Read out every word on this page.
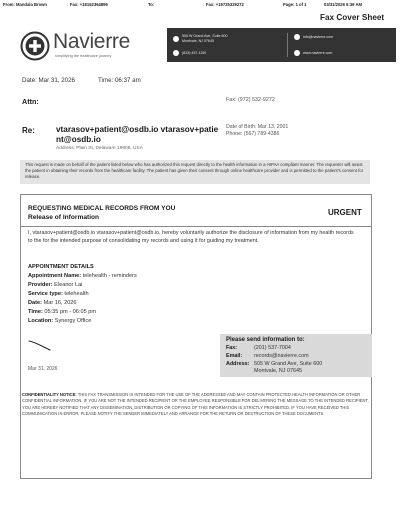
From: Mandala Brown	Fax: +18152364896	To:	Fax: +19725329272	Page: 1 of 1	03/31/2026 6:39 AM
Fax Cover Sheet
Navierre
simplifying the healthcare journey
505 W Grand Ave, Suite 600
Montvale, NJ 07645
(833) 437-1150
info@navierre.com
www.navierre.com
Date: Mar 31, 2026	Time: 06:37 am
Attn:	Fax: (972) 532-9272
Re:	vtarasov+patient@osdb.io vtarasov+patient@osdb.io
Address: Plain St, Delaware 19808, USA
Date of Birth: Mar 13, 2001
Phone: (567) 789-4386
This request is made on behalf of the patient listed below who has authorized this request directly to the health information in a HIPAA compliant manner. The requester will assist the patient in obtaining their records from the healthcare facility. The patient has given their consent through online healthcare provider and is permitted to the patient's consent for release.
REQUESTING MEDICAL RECORDS FROM YOU
Release of Information
URGENT
I, vtarasov+patient@osdb.io vtarasov+patient@osdb.io, hereby voluntarily authorize the disclosure of information from my health records to the for the intended purpose of consolidating my records and using it for guiding my treatment.
APPOINTMENT DETAILS
Appointment Name: telehealth - reminders
Provider: Eleanor Lai
Service type: telehealth
Date: Mar 16, 2026
Time: 05:35 pm - 06:05 pm
Location: Synergy Office
Mar 31, 2026
Please send information to:
Fax:	(201) 537-7004
Email: records@navierre.com
Address: 505 W Grand Ave, Suite 600
Montvale, NJ 07645
CONFIDENTIALITY NOTICE: THIS FAX TRANSMISSION IS INTENDED FOR THE USE OF THE ADDRESSEE AND MAY CONTAIN PROTECTED HEALTH INFORMATION OR OTHER CONFIDENTIAL INFORMATION. IF YOU ARE NOT THE INTENDED RECIPIENT OR THE EMPLOYEE RESPONSIBLE FOR DELIVERING THE MESSAGE TO THE INTENDED RECIPIENT, YOU ARE HEREBY NOTIFIED THAT ANY DISSEMINATION, DISTRIBUTION OR COPYING OF THIS INFORMATION IS STRICTLY PROHIBITED. IF YOU HAVE RECEIVED THIS COMMUNICATION IN ERROR, PLEASE NOTIFY THE SENDER IMMEDIATELY AND ARRANGE FOR THE RETURN OR DESTRUCTION OF THESE DOCUMENTS.
